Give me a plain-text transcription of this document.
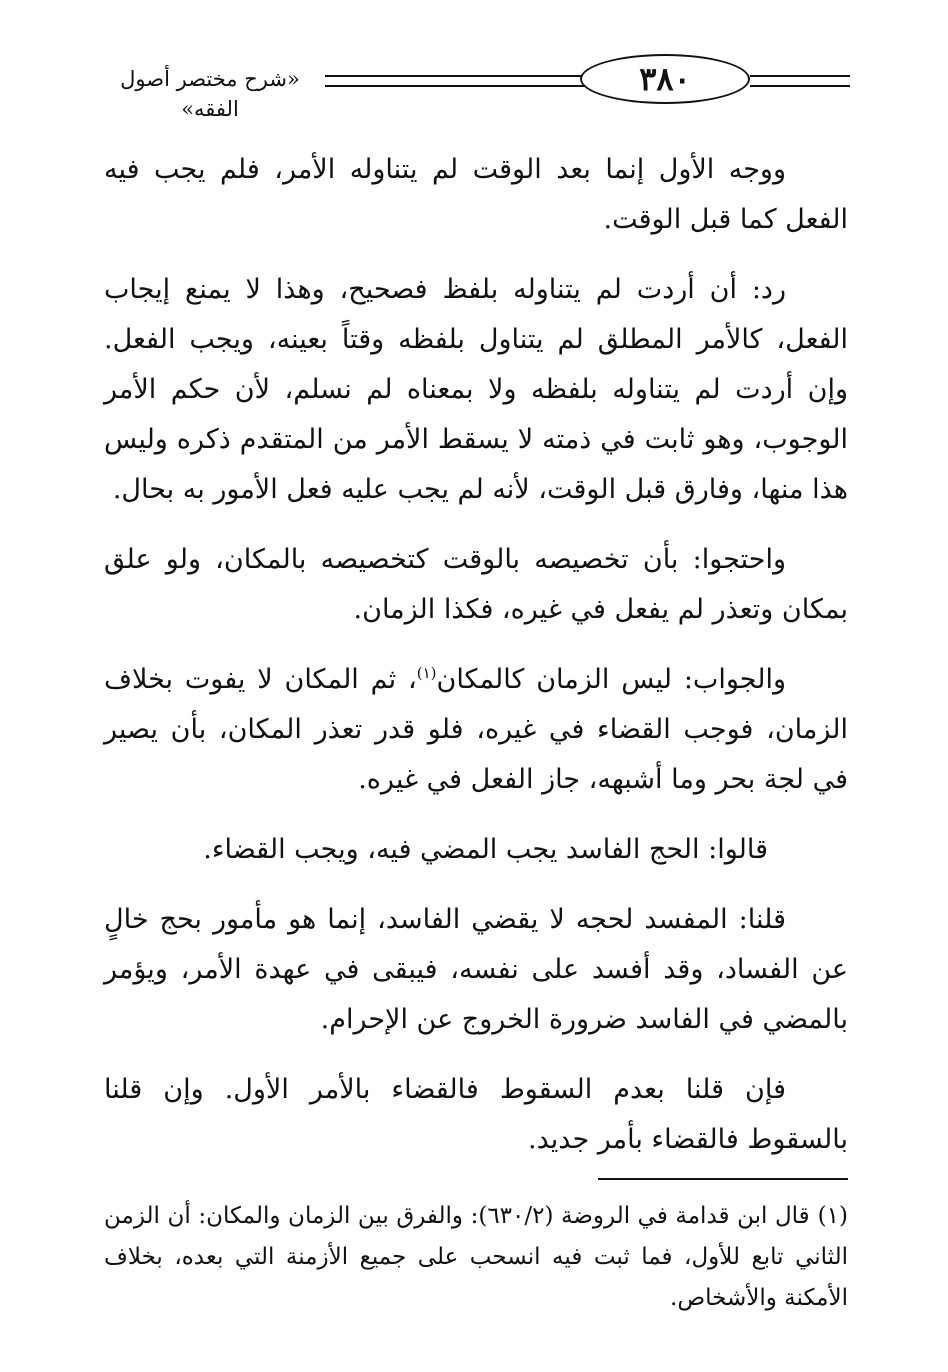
٣٨٠
«شرح مختصر أصول الفقه»

ووجه الأول إنما بعد الوقت لم يتناوله الأمر، فلم يجب فيه الفعل كما قبل الوقت.

رد: أن أردت لم يتناوله بلفظ فصحيح، وهذا لا يمنع إيجاب الفعل، كالأمر المطلق لم يتناول بلفظه وقتاً بعينه، ويجب الفعل. وإن أردت لم يتناوله بلفظه ولا بمعناه لم نسلم، لأن حكم الأمر الوجوب، وهو ثابت في ذمته لا يسقط الأمر من المتقدم ذكره وليس هذا منها، وفارق قبل الوقت، لأنه لم يجب عليه فعل الأمور به بحال.

واحتجوا: بأن تخصيصه بالوقت كتخصيصه بالمكان، ولو علق بمكان وتعذر لم يفعل في غيره، فكذا الزمان.

والجواب: ليس الزمان كالمكان$^{(١)}$، ثم المكان لا يفوت بخلاف الزمان، فوجب القضاء في غيره، فلو قدر تعذر المكان، بأن يصير في لجة بحر وما أشبهه، جاز الفعل في غيره.

قالوا: الحج الفاسد يجب المضي فيه، ويجب القضاء.

قلنا: المفسد لحجه لا يقضي الفاسد، إنما هو مأمور بحج خالٍ عن الفساد، وقد أفسد على نفسه، فيبقى في عهدة الأمر، ويؤمر بالمضي في الفاسد ضرورة الخروج عن الإحرام.

فإن قلنا بعدم السقوط فالقضاء بالأمر الأول. وإن قلنا بالسقوط فالقضاء بأمر جديد.

(١)قال ابن قدامة في الروضة (٦٣٠/٢): والفرق بين الزمان والمكان: أن الزمن الثاني تابع للأول، فما ثبت فيه انسحب على جميع الأزمنة التي بعده، بخلاف الأمكنة والأشخاص.
